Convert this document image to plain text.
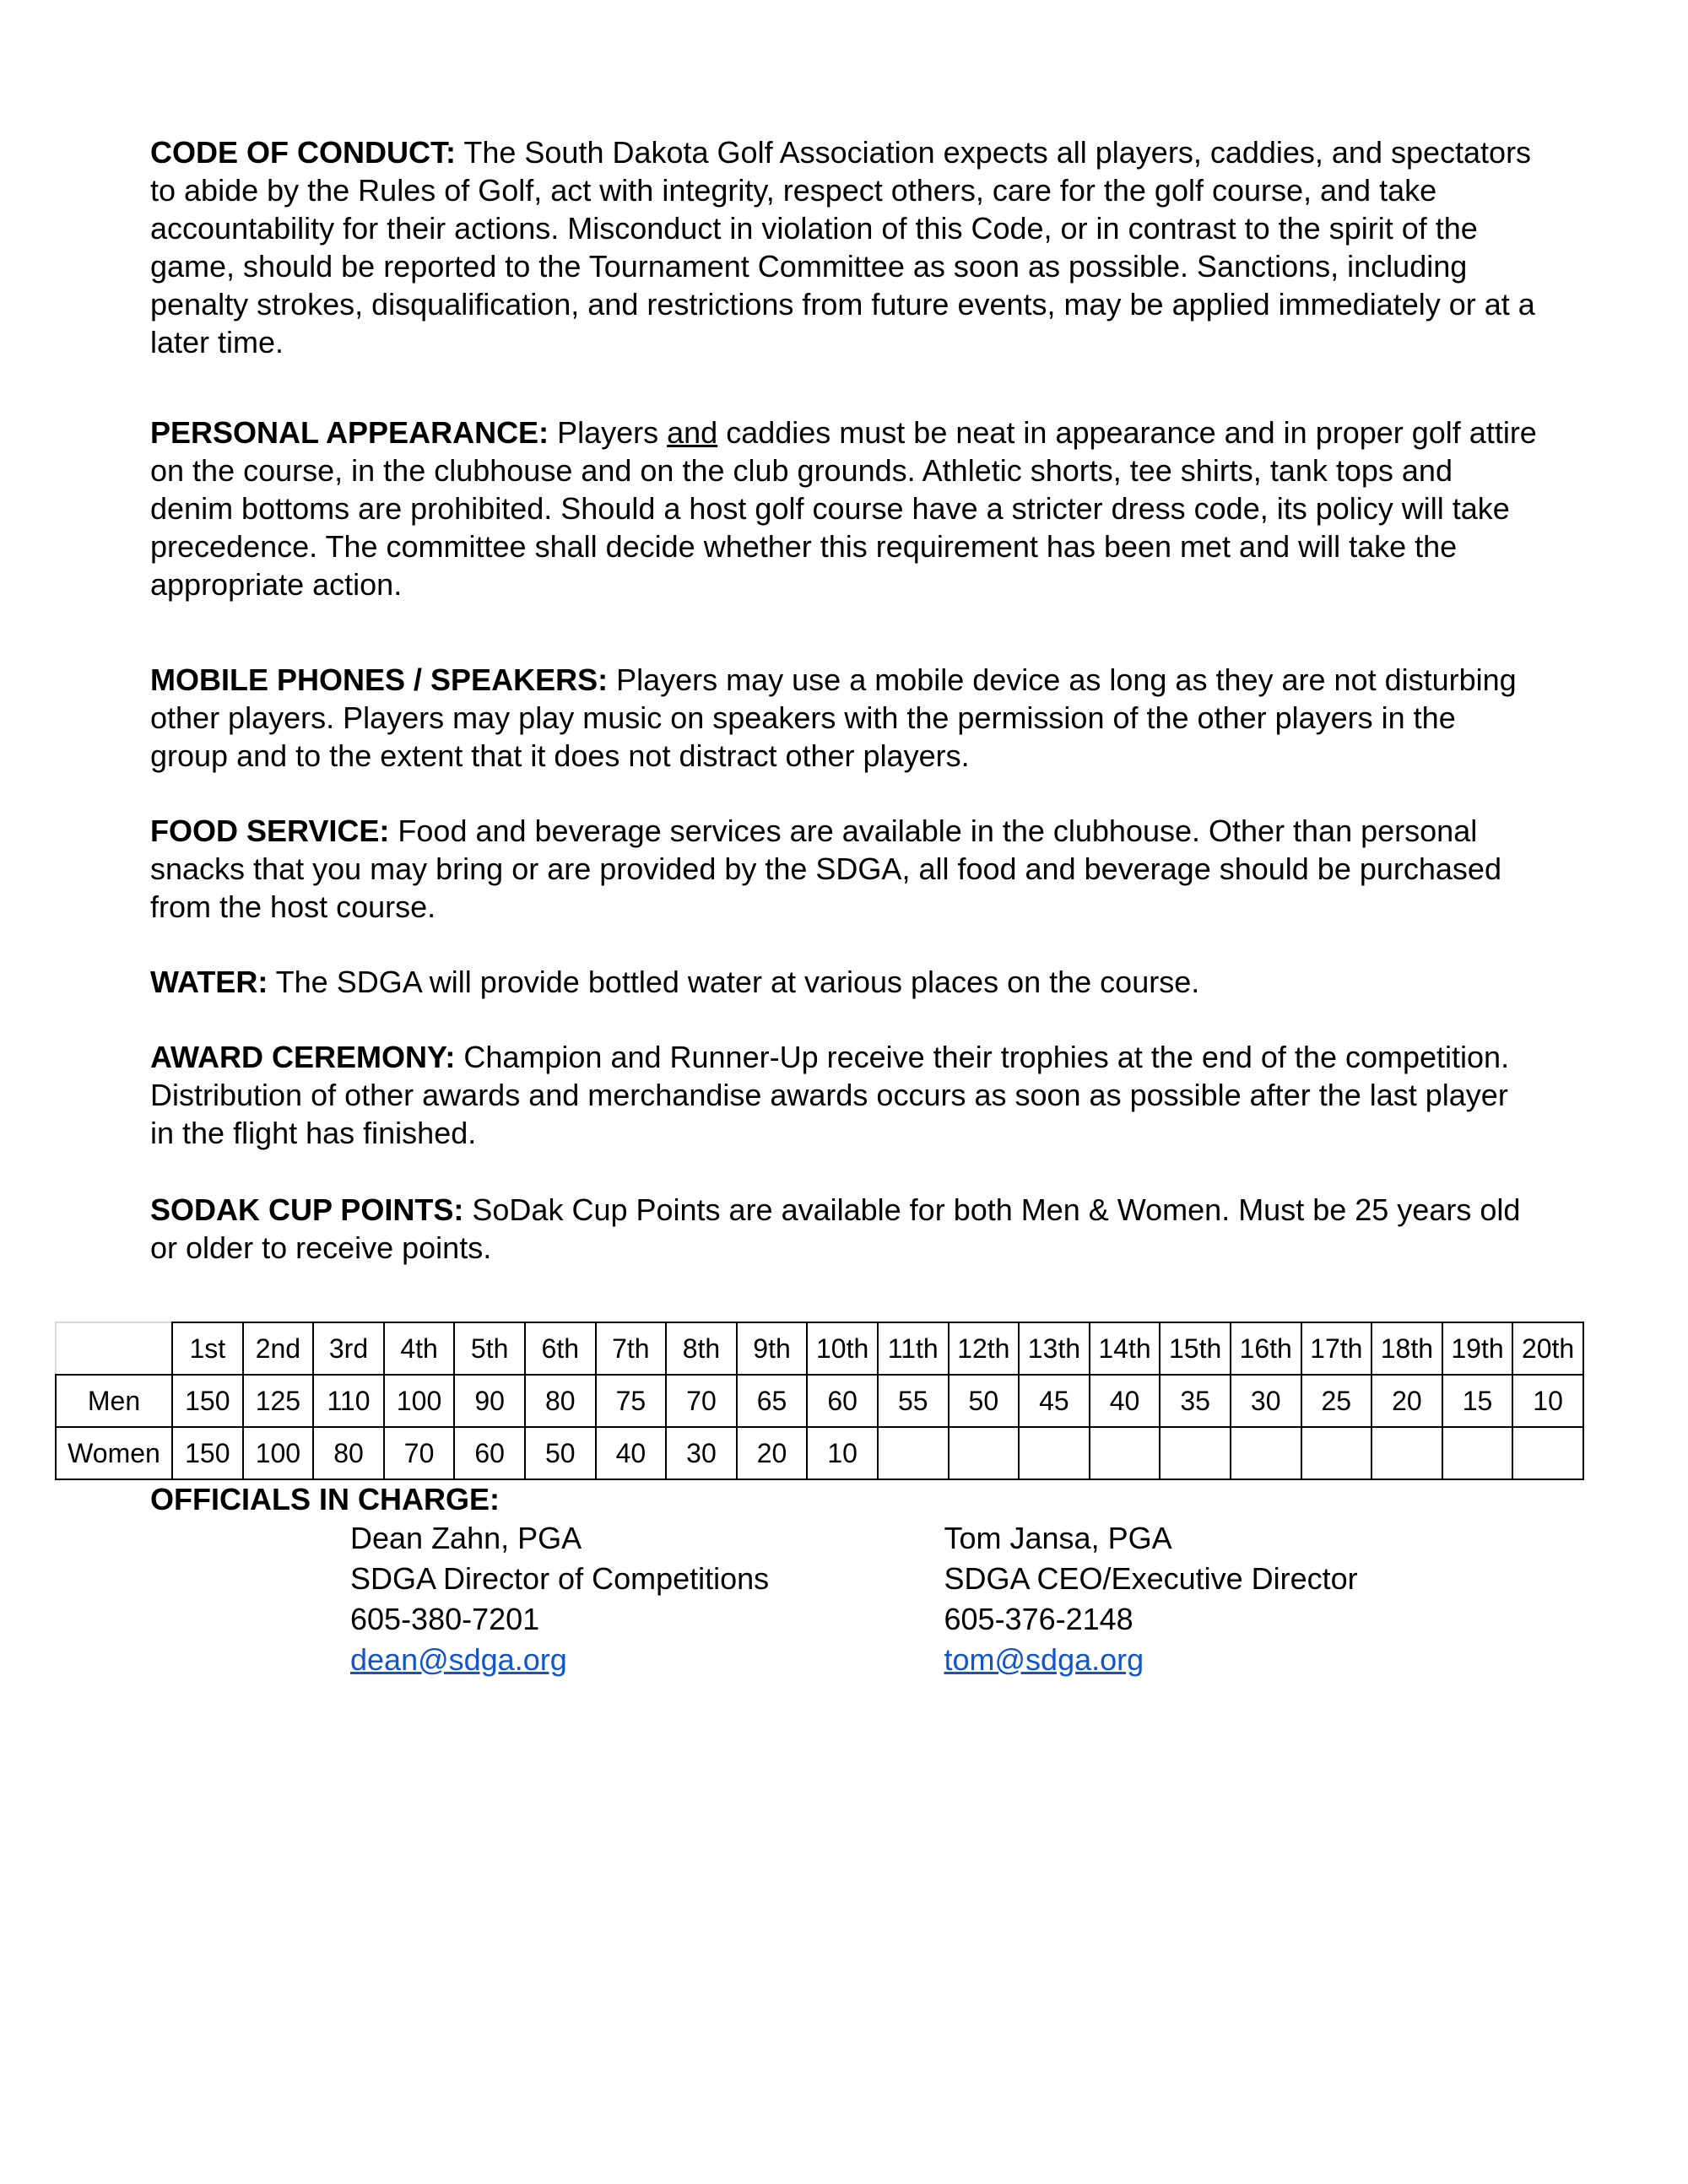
CODE OF CONDUCT: The South Dakota Golf Association expects all players, caddies, and spectators to abide by the Rules of Golf, act with integrity, respect others, care for the golf course, and take accountability for their actions. Misconduct in violation of this Code, or in contrast to the spirit of the game, should be reported to the Tournament Committee as soon as possible. Sanctions, including penalty strokes, disqualification, and restrictions from future events, may be applied immediately or at a later time.

PERSONAL APPEARANCE: Players and caddies must be neat in appearance and in proper golf attire on the course, in the clubhouse and on the club grounds. Athletic shorts, tee shirts, tank tops and denim bottoms are prohibited. Should a host golf course have a stricter dress code, its policy will take precedence. The committee shall decide whether this requirement has been met and will take the appropriate action.

MOBILE PHONES / SPEAKERS: Players may use a mobile device as long as they are not disturbing other players. Players may play music on speakers with the permission of the other players in the group and to the extent that it does not distract other players.

FOOD SERVICE: Food and beverage services are available in the clubhouse. Other than personal snacks that you may bring or are provided by the SDGA, all food and beverage should be purchased from the host course.

WATER: The SDGA will provide bottled water at various places on the course.

AWARD CEREMONY: Champion and Runner-Up receive their trophies at the end of the competition. Distribution of other awards and merchandise awards occurs as soon as possible after the last player in the flight has finished.

SODAK CUP POINTS: SoDak Cup Points are available for both Men & Women. Must be 25 years old or older to receive points.

	1st	2nd	3rd	4th	5th	6th	7th	8th	9th	10th	11th	12th	13th	14th	15th	16th	17th	18th	19th	20th
Men	150	125	110	100	90	80	75	70	65	60	55	50	45	40	35	30	25	20	15	10
Women	150	100	80	70	60	50	40	30	20	10										

OFFICIALS IN CHARGE:

Dean Zahn, PGA
SDGA Director of Competitions
605-380-7201
dean@sdga.org
Tom Jansa, PGA
SDGA CEO/Executive Director
605-376-2148
tom@sdga.org
